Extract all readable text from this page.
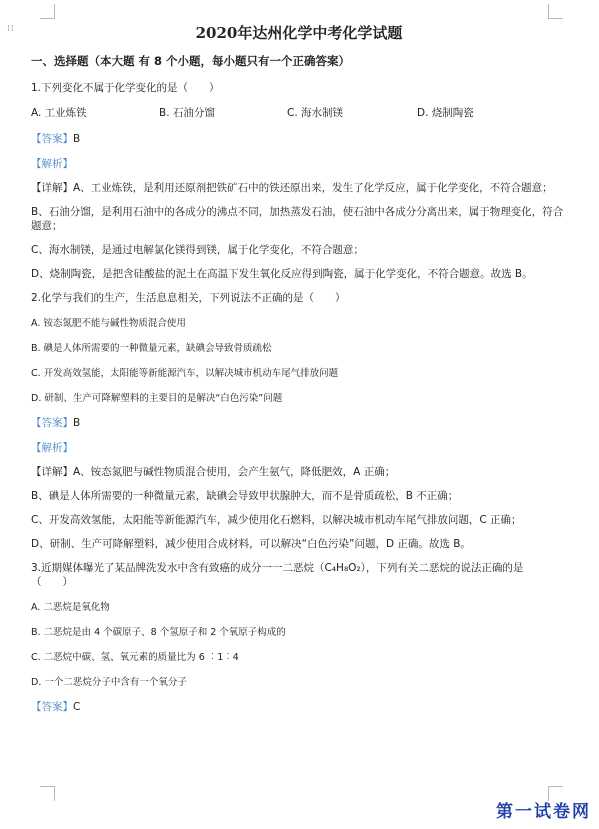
⁞⁞	2020年达州化学中考化学试题
一、选择题（本大题 有 8 个小题，每小题只有一个正确答案）
1.下列变化不属于化学变化的是（　　）
A. 工业炼铁	B. 石油分馏	C. 海水制镁	D. 烧制陶瓷
【答案】B
【解析】
【详解】A、工业炼铁，是利用还原剂把铁矿石中的铁还原出来，发生了化学反应，属于化学变化，不符合题意；
B、石油分馏，是利用石油中的各成分的沸点不同，加热蒸发石油，使石油中各成分分离出来，属于物理变化，符合题意；
C、海水制镁，是通过电解氯化镁得到镁，属于化学变化，不符合题意；
D、烧制陶瓷，是把含硅酸盐的泥土在高温下发生氧化反应得到陶瓷，属于化学变化，不符合题意。故选 B。
2.化学与我们的生产，生活息息相关，下列说法不正确的是（　　）
A. 铵态氮肥不能与碱性物质混合使用
B. 碘是人体所需要的一种微量元素，缺碘会导致骨质疏松
C. 开发高效氢能，太阳能等新能源汽车，以解决城市机动车尾气排放问题
D. 研制、生产可降解塑料的主要目的是解决“白色污染”问题
【答案】B
【解析】
【详解】A、铵态氮肥与碱性物质混合使用，会产生氨气，降低肥效，A 正确；
B、碘是人体所需要的一种微量元素，缺碘会导致甲状腺肿大，而不是骨质疏松，B 不正确；
C、开发高效氢能，太阳能等新能源汽车，减少使用化石燃料，以解决城市机动车尾气排放问题，C 正确；
D、研制、生产可降解塑料，减少使用合成材料，可以解决“白色污染”问题，D 正确。故选 B。
3.近期媒体曝光了某品牌洗发水中含有致癌的成分一一二恶烷（C₄H₈O₂），下列有关二恶烷的说法正确的是
（　　）
A. 二恶烷是氧化物
B. 二恶烷是由 4 个碳原子、8 个氢原子和 2 个氧原子构成的
C. 二恶烷中碳、氢、氧元素的质量比为 6 ︰1︰4
D. 一个二恶烷分子中含有一个氧分子
【答案】C
第一试卷网
